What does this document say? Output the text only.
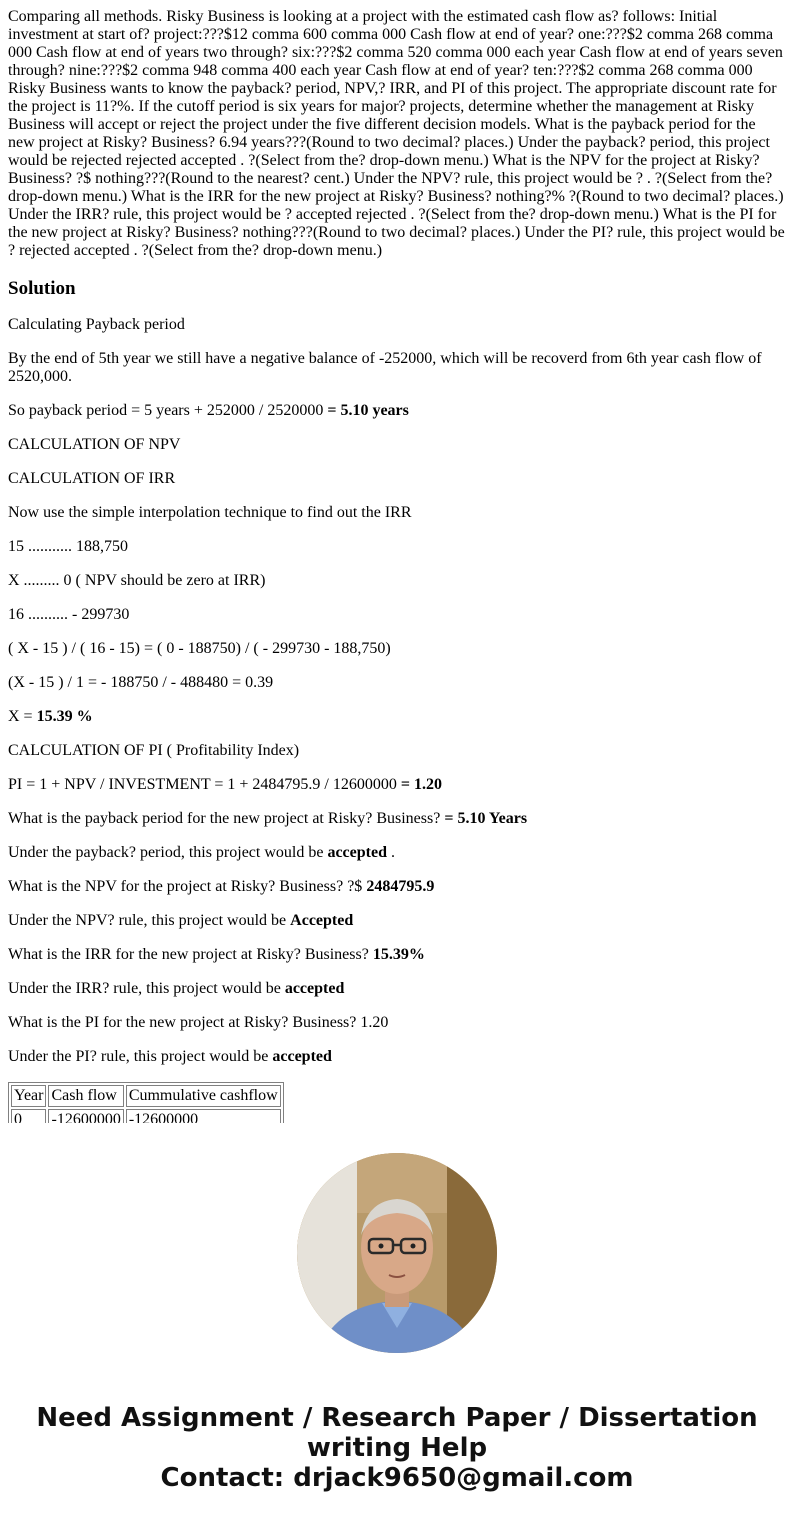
Comparing all methods. Risky Business is looking at a project with the estimated cash flow as? follows: Initial investment at start of? project:???$12 comma 600 comma 000 Cash flow at end of year? one:???$2 comma 268 comma 000 Cash flow at end of years two through? six:???$2 comma 520 comma 000 each year Cash flow at end of years seven through? nine:???$2 comma 948 comma 400 each year Cash flow at end of year? ten:???$2 comma 268 comma 000 Risky Business wants to know the payback? period, NPV,? IRR, and PI of this project. The appropriate discount rate for the project is 11?%. If the cutoff period is six years for major? projects, determine whether the management at Risky Business will accept or reject the project under the five different decision models. What is the payback period for the new project at Risky? Business? 6.94 years???(Round to two decimal? places.) Under the payback? period, this project would be rejected rejected accepted . ?(Select from the? drop-down menu.) What is the NPV for the project at Risky? Business? ?$ nothing???(Round to the nearest? cent.) Under the NPV? rule, this project would be ? . ?(Select from the? drop-down menu.) What is the IRR for the new project at Risky? Business? nothing?% ?(Round to two decimal? places.) Under the IRR? rule, this project would be ? accepted rejected . ?(Select from the? drop-down menu.) What is the PI for the new project at Risky? Business? nothing???(Round to two decimal? places.) Under the PI? rule, this project would be ? rejected accepted . ?(Select from the? drop-down menu.)
Solution

Calculating Payback period

By the end of 5th year we still have a negative balance of -252000, which will be recoverd from 6th year cash flow of 2520,000.

So payback period = 5 years + 252000 / 2520000 = 5.10 years

CALCULATION OF NPV

CALCULATION OF IRR

Now use the simple interpolation technique to find out the IRR

15 ........... 188,750

X ......... 0 ( NPV should be zero at IRR)

16 .......... - 299730

( X - 15 ) / ( 16 - 15) = ( 0 - 188750) / ( - 299730 - 188,750)

(X - 15 ) / 1 = - 188750 / - 488480 = 0.39

X = 15.39 %

CALCULATION OF PI ( Profitability Index)

PI = 1 + NPV / INVESTMENT = 1 + 2484795.9 / 12600000 = 1.20

What is the payback period for the new project at Risky? Business? = 5.10 Years

Under the payback? period, this project would be accepted .

What is the NPV for the project at Risky? Business? ?$ 2484795.9

Under the NPV? rule, this project would be Accepted

What is the IRR for the new project at Risky? Business? 15.39%

Under the IRR? rule, this project would be accepted

What is the PI for the new project at Risky? Business? 1.20

Under the PI? rule, this project would be accepted

Year	Cash flow	Cummulative cashflow
0	-12600000	-12600000
Need Assignment / Research Paper / Dissertation
writing Help
Contact: drjack9650@gmail.com
